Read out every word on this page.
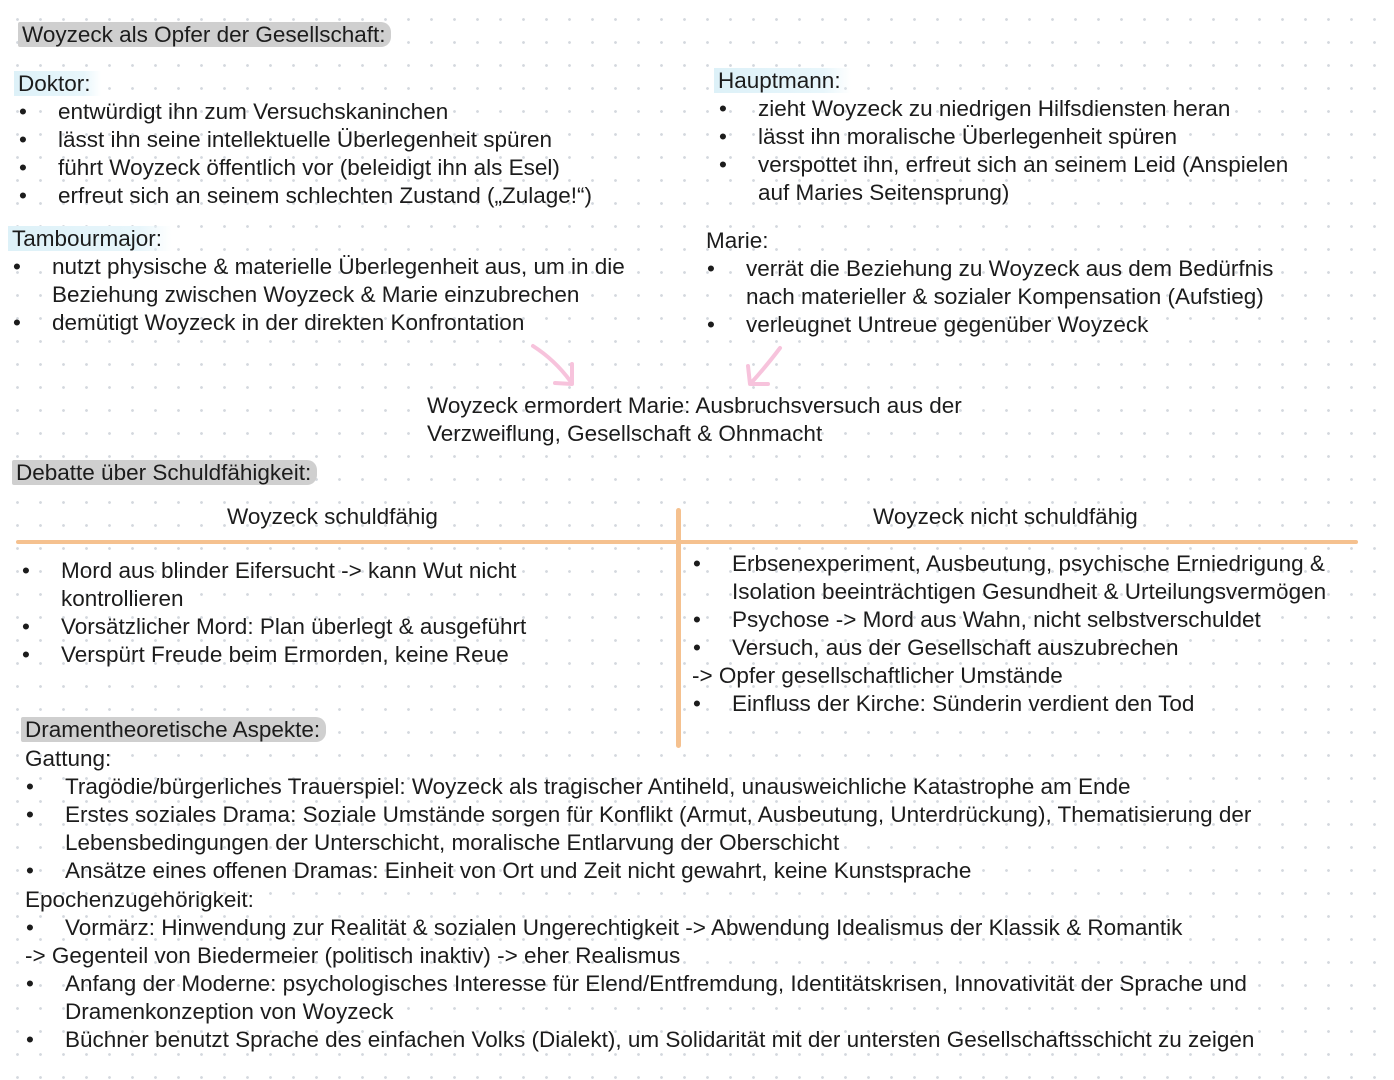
Woyzeck als Opfer der Gesellschaft:
Doktor:
• entwürdigt ihn zum Versuchskaninchen
• lässt ihn seine intellektuelle Überlegenheit spüren
• führt Woyzeck öffentlich vor (beleidigt ihn als Esel)
• erfreut sich an seinem schlechten Zustand („Zulage!“)
Hauptmann:
• zieht Woyzeck zu niedrigen Hilfsdiensten heran
• lässt ihn moralische Überlegenheit spüren
• verspottet ihn, erfreut sich an seinem Leid (Anspielen
auf Maries Seitensprung)
Tambourmajor:
• nutzt physische & materielle Überlegenheit aus, um in die
Beziehung zwischen Woyzeck & Marie einzubrechen
• demütigt Woyzeck in der direkten Konfrontation
Marie:
• verrät die Beziehung zu Woyzeck aus dem Bedürfnis
nach materieller & sozialer Kompensation (Aufstieg)
• verleugnet Untreue gegenüber Woyzeck
Woyzeck ermordert Marie: Ausbruchsversuch aus der
Verzweiflung, Gesellschaft & Ohnmacht
Debatte über Schuldfähigkeit:
Woyzeck schuldfähig	Woyzeck nicht schuldfähig
• Mord aus blinder Eifersucht -> kann Wut nicht
kontrollieren
• Vorsätzlicher Mord: Plan überlegt & ausgeführt
• Verspürt Freude beim Ermorden, keine Reue
• Erbsenexperiment, Ausbeutung, psychische Erniedrigung &
Isolation beeinträchtigen Gesundheit & Urteilungsvermögen
• Psychose -> Mord aus Wahn, nicht selbstverschuldet
• Versuch, aus der Gesellschaft auszubrechen
-> Opfer gesellschaftlicher Umstände
• Einfluss der Kirche: Sünderin verdient den Tod
Dramentheoretische Aspekte:
Gattung:
• Tragödie/bürgerliches Trauerspiel: Woyzeck als tragischer Antiheld, unausweichliche Katastrophe am Ende
• Erstes soziales Drama: Soziale Umstände sorgen für Konflikt (Armut, Ausbeutung, Unterdrückung), Thematisierung der
Lebensbedingungen der Unterschicht, moralische Entlarvung der Oberschicht
• Ansätze eines offenen Dramas: Einheit von Ort und Zeit nicht gewahrt, keine Kunstsprache
Epochenzugehörigkeit:
• Vormärz: Hinwendung zur Realität & sozialen Ungerechtigkeit -> Abwendung Idealismus der Klassik & Romantik
-> Gegenteil von Biedermeier (politisch inaktiv) -> eher Realismus
• Anfang der Moderne: psychologisches Interesse für Elend/Entfremdung, Identitätskrisen, Innovativität der Sprache und
Dramenkonzeption von Woyzeck
• Büchner benutzt Sprache des einfachen Volks (Dialekt), um Solidarität mit der untersten Gesellschaftsschicht zu zeigen
